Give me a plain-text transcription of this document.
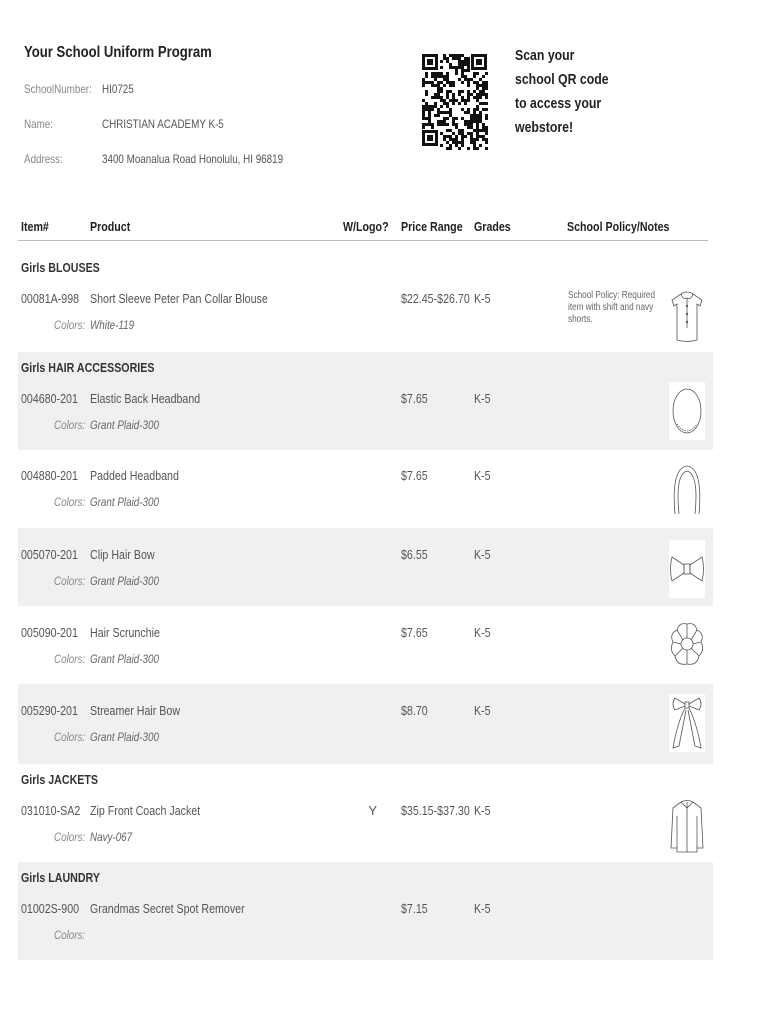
Your School Uniform Program
SchoolNumber: HI0725
Name:	CHRISTIAN ACADEMY K-5
Address:	3400 Moanalua Road Honolulu, HI 96819
Scan your
school QR code
to access your
webstore!
Item#	Product	W/Logo? Price Range Grades	School Policy/Notes
Girls BLOUSES
00081A-998 Short Sleeve Peter Pan Collar Blouse	$22.45-$26.70 K-5
Colors: White-119
School Policy: Required item with shift and navy shorts.
Girls HAIR ACCESSORIES
004680-201 Elastic Back Headband	$7.65	K-5
Colors: Grant Plaid-300
004880-201 Padded Headband	$7.65	K-5
Colors: Grant Plaid-300
005070-201 Clip Hair Bow	$6.55	K-5
Colors: Grant Plaid-300
005090-201 Hair Scrunchie	$7.65	K-5
Colors: Grant Plaid-300
005290-201 Streamer Hair Bow	$8.70	K-5
Colors: Grant Plaid-300
Girls JACKETS
031010-SA2 Zip Front Coach Jacket	Y $35.15-$37.30 K-5
Colors: Navy-067
Girls LAUNDRY
01002S-900 Grandmas Secret Spot Remover	$7.15	K-5
Colors:
